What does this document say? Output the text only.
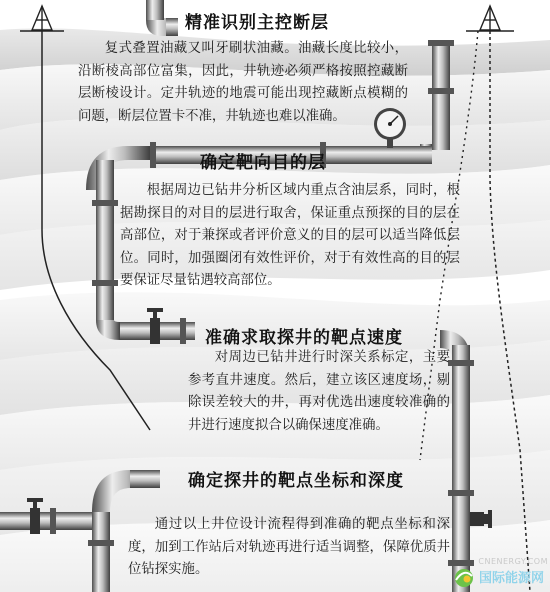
精准识别主控断层
复式叠置油藏又叫牙刷状油藏。油藏长度比较小，沿断棱高部位富集，因此，井轨迹必须严格按照控藏断层断棱设计。定井轨迹的地震可能出现控藏断点模糊的问题，断层位置卡不准，井轨迹也难以准确。
确定靶向目的层
根据周边已钻井分析区域内重点含油层系，同时，根据勘探目的对目的层进行取舍，保证重点预探的目的层在高部位，对于兼探或者评价意义的目的层可以适当降低层位。同时，加强圈闭有效性评价，对于有效性高的目的层要保证尽量钻遇较高部位。
准确求取探井的靶点速度
对周边已钻井进行时深关系标定，主要参考直井速度。然后，建立该区速度场，剔除误差较大的井，再对优选出速度较准确的井进行速度拟合以确保速度准确。
确定探井的靶点坐标和深度
通过以上井位设计流程得到准确的靶点坐标和深度，加到工作站后对轨迹再进行适当调整，保障优质井位钻探实施。
CNENERGY.COM
国际能源网
